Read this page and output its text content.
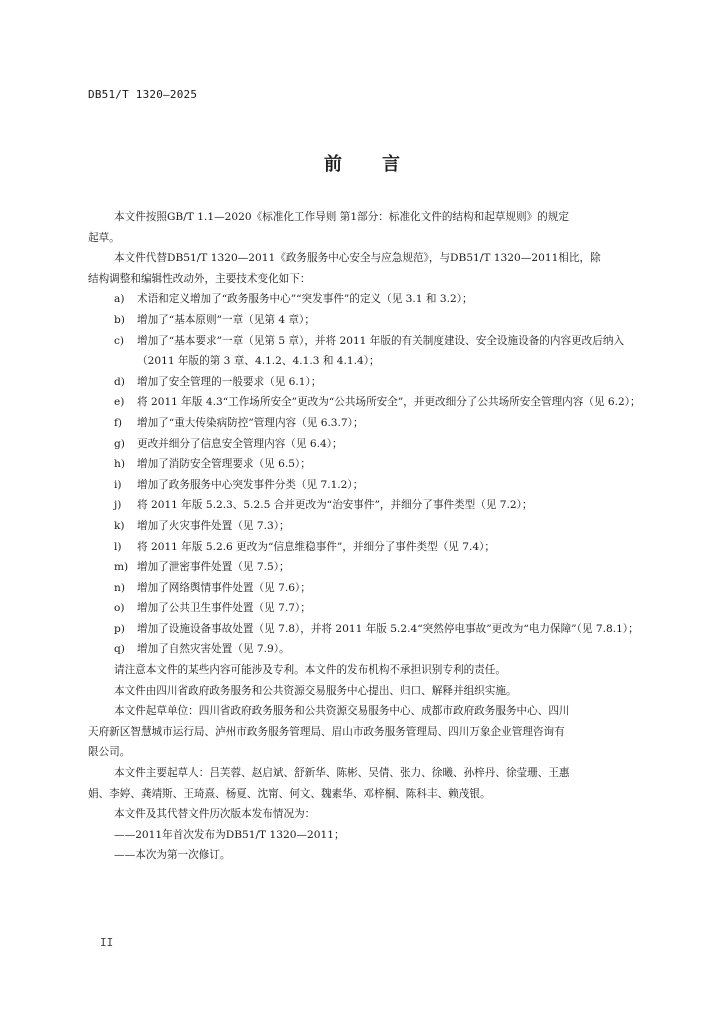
DB51/T 1320—2025
前 言

本文件按照GB/T 1.1—2020《标准化工作导则 第1部分：标准化文件的结构和起草规则》的规定

起草。

本文件代替DB51/T 1320—2011《政务服务中心安全与应急规范》，与DB51/T 1320—2011相比，除

结构调整和编辑性改动外，主要技术变化如下：

a) 术语和定义增加了“政务服务中心”“突发事件”的定义（见 3.1 和 3.2）；
b) 增加了“基本原则”一章（见第 4 章）；
c) 增加了“基本要求”一章（见第 5 章），并将 2011 年版的有关制度建设、安全设施设备的内容更改后纳入（2011 年版的第 3 章、4.1.2、4.1.3 和 4.1.4）；
d) 增加了安全管理的一般要求（见 6.1）；
e) 将 2011 年版 4.3“工作场所安全”更改为“公共场所安全”，并更改细分了公共场所安全管理内容（见 6.2）；
f) 增加了“重大传染病防控”管理内容（见 6.3.7）；
g) 更改并细分了信息安全管理内容（见 6.4）；
h) 增加了消防安全管理要求（见 6.5）；
i) 增加了政务服务中心突发事件分类（见 7.1.2）；
j) 将 2011 年版 5.2.3、5.2.5 合并更改为“治安事件”，并细分了事件类型（见 7.2）；
k) 增加了火灾事件处置（见 7.3）；
l) 将 2011 年版 5.2.6 更改为“信息维稳事件”，并细分了事件类型（见 7.4）；
m) 增加了泄密事件处置（见 7.5）；
n) 增加了网络舆情事件处置（见 7.6）；
o) 增加了公共卫生事件处置（见 7.7）；
p) 增加了设施设备事故处置（见 7.8），并将 2011 年版 5.2.4“突然停电事故”更改为“电力保障”（见 7.8.1）；
q) 增加了自然灾害处置（见 7.9）。

请注意本文件的某些内容可能涉及专利。本文件的发布机构不承担识别专利的责任。

本文件由四川省政府政务服务和公共资源交易服务中心提出、归口、解释并组织实施。

本文件起草单位：四川省政府政务服务和公共资源交易服务中心、成都市政府政务服务中心、四川

天府新区智慧城市运行局、泸州市政务服务管理局、眉山市政务服务管理局、四川万象企业管理咨询有

限公司。

本文件主要起草人：吕芙蓉、赵启斌、舒新华、陈彬、吴倩、张力、徐曦、孙梓丹、徐莹珊、王惠

娟、李婷、龚靖斯、王琦熹、杨夏、沈甯、何文、魏素华、邓梓桐、陈科丰、赖茂银。

本文件及其代替文件历次版本发布情况为：

——2011年首次发布为DB51/T 1320—2011；

——本次为第一次修订。

II
